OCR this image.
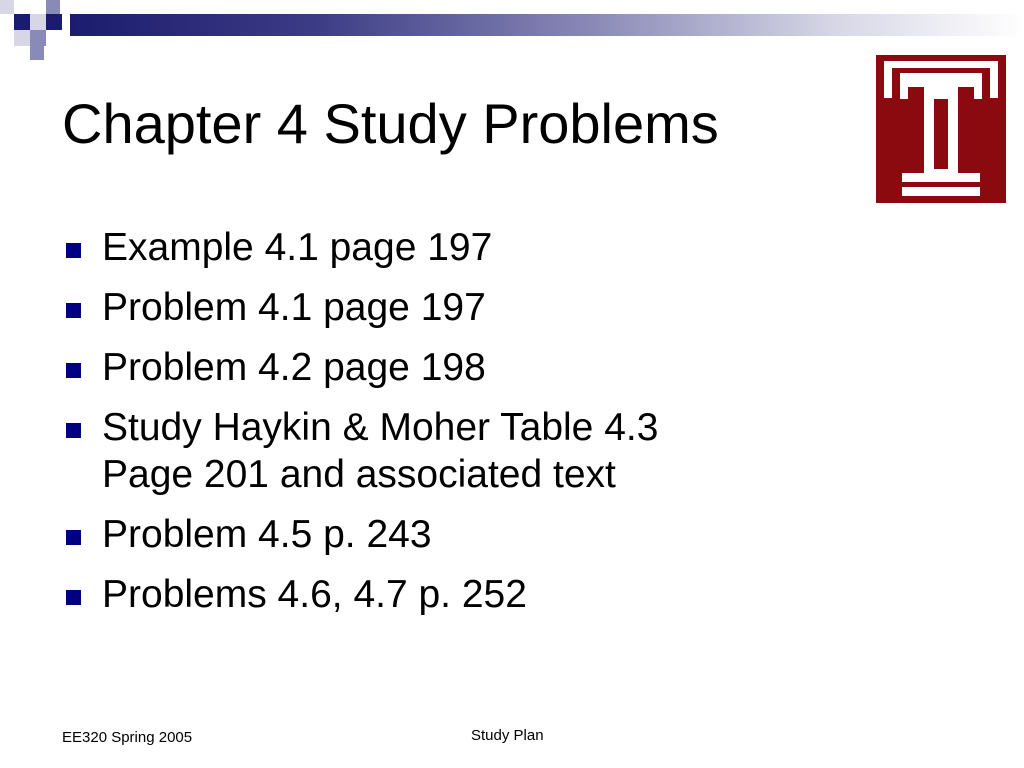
Chapter 4 Study Problems
Example 4.1 page 197
Problem 4.1 page 197
Problem 4.2 page 198
Study Haykin & Moher Table 4.3
Page 201 and associated text
Problem 4.5 p. 243
Problems 4.6, 4.7 p. 252
EE320 Spring 2005	Study Plan
